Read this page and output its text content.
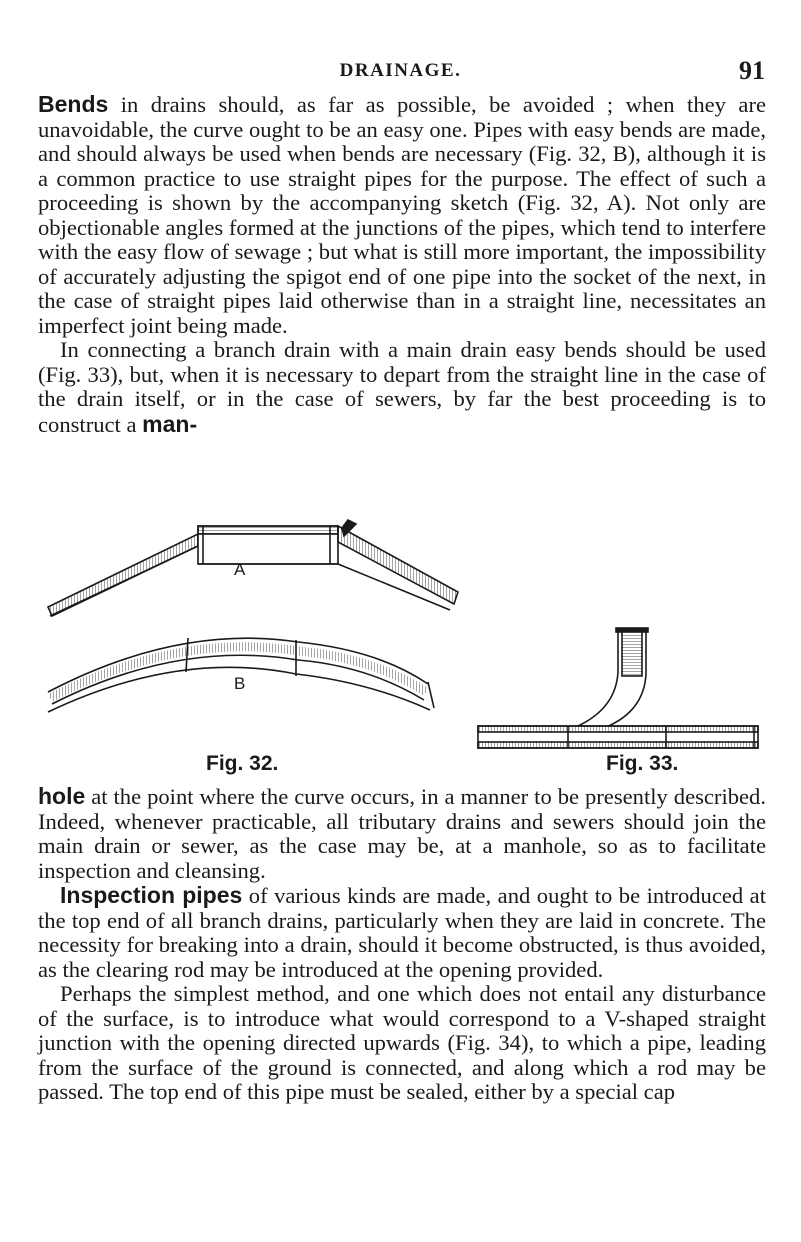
DRAINAGE.	91

Bends in drains should, as far as possible, be avoided ; when they are unavoidable, the curve ought to be an easy one. Pipes with easy bends are made, and should always be used when bends are necessary (Fig. 32, B), although it is a common practice to use straight pipes for the purpose. The effect of such a proceeding is shown by the accompanying sketch (Fig. 32, A). Not only are objectionable angles formed at the junctions of the pipes, which tend to interfere with the easy flow of sewage ; but what is still more important, the impossibility of accurately adjusting the spigot end of one pipe into the socket of the next, in the case of straight pipes laid otherwise than in a straight line, necessitates an imperfect joint being made.

In connecting a branch drain with a main drain easy bends should be used (Fig. 33), but, when it is necessary to depart from the straight line in the case of the drain itself, or in the case of sewers, by far the best proceeding is to construct a man-

A
B
Fig. 32.	Fig. 33.

hole at the point where the curve occurs, in a manner to be presently described. Indeed, whenever practicable, all tributary drains and sewers should join the main drain or sewer, as the case may be, at a manhole, so as to facilitate inspection and cleansing.

Inspection pipes of various kinds are made, and ought to be introduced at the top end of all branch drains, particularly when they are laid in concrete. The necessity for breaking into a drain, should it become obstructed, is thus avoided, as the clearing rod may be introduced at the opening provided.

Perhaps the simplest method, and one which does not entail any disturbance of the surface, is to introduce what would correspond to a V-shaped straight junction with the opening directed upwards (Fig. 34), to which a pipe, leading from the surface of the ground is connected, and along which a rod may be passed. The top end of this pipe must be sealed, either by a special cap
